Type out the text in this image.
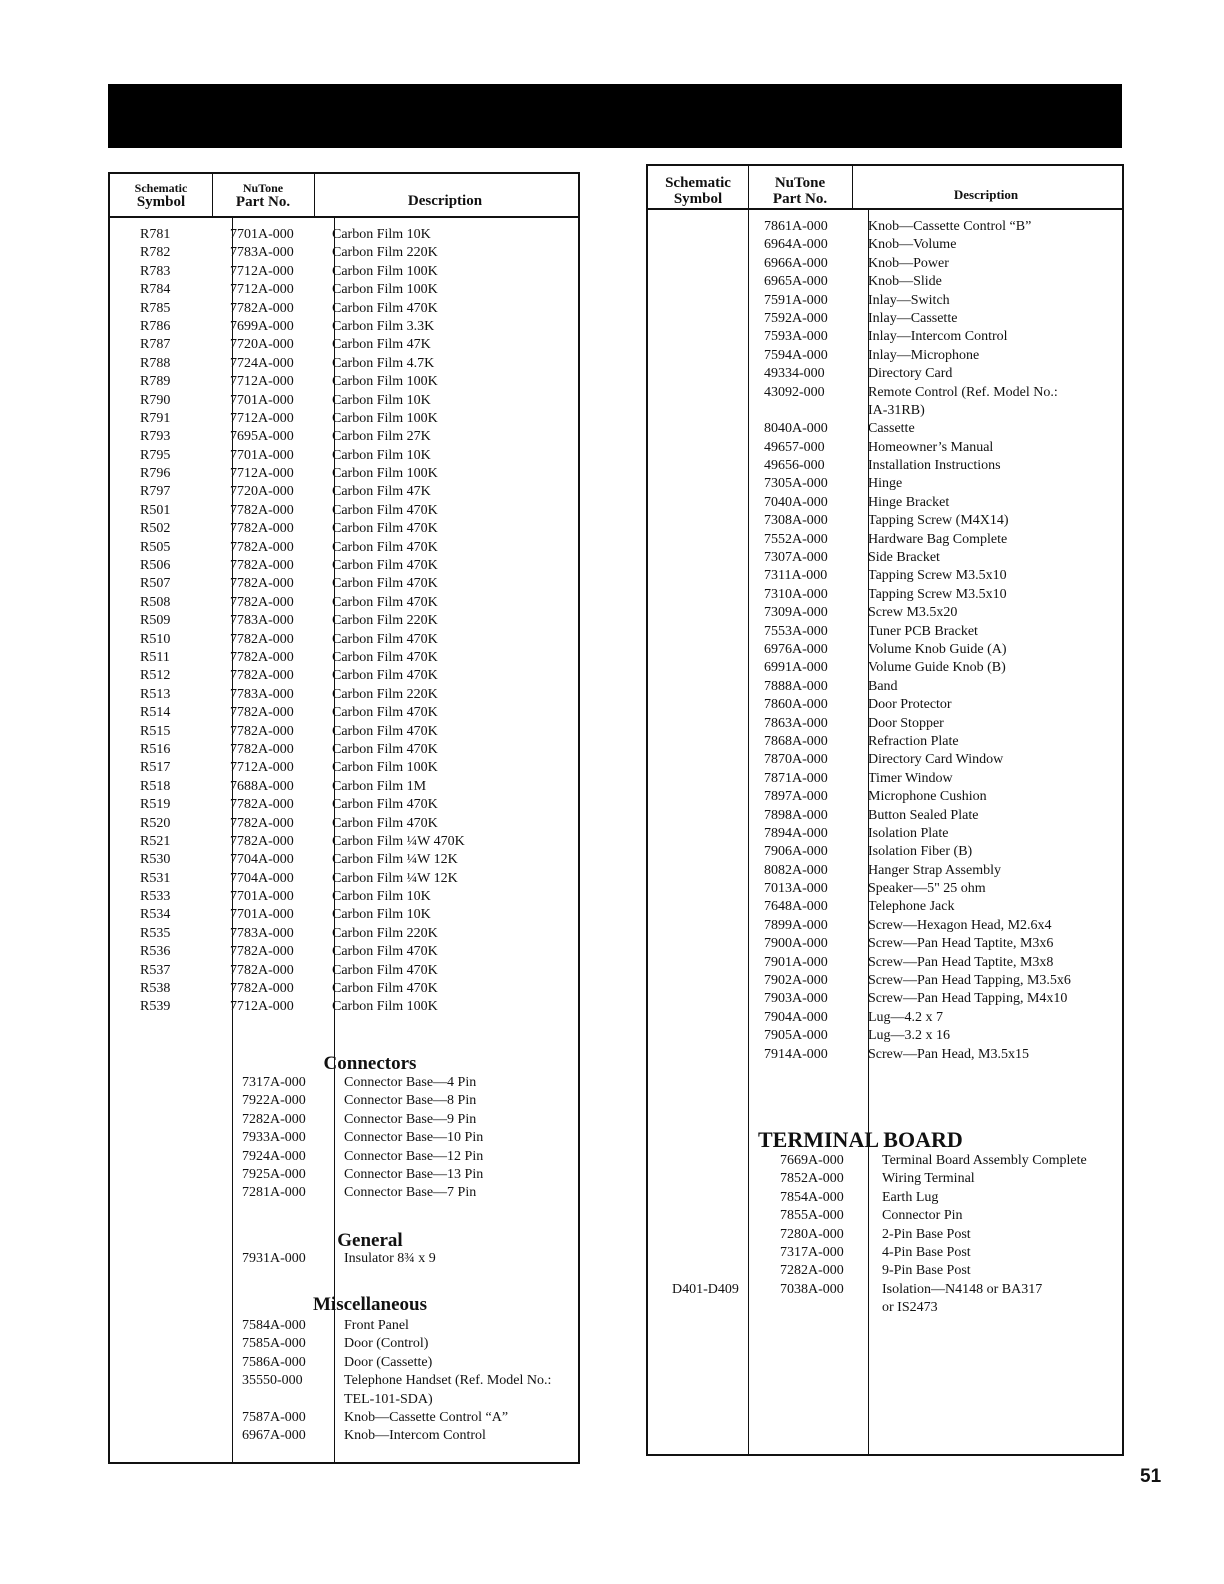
Schematic
Symbol
NuTone
Part No.	Description
R781	7701A-000	Carbon Film 10K
R782	7783A-000	Carbon Film 220K
R783	7712A-000	Carbon Film 100K
R784	7712A-000	Carbon Film 100K
R785	7782A-000	Carbon Film 470K
R786	7699A-000	Carbon Film 3.3K
R787	7720A-000	Carbon Film 47K
R788	7724A-000	Carbon Film 4.7K
R789	7712A-000	Carbon Film 100K
R790	7701A-000	Carbon Film 10K
R791	7712A-000	Carbon Film 100K
R793	7695A-000	Carbon Film 27K
R795	7701A-000	Carbon Film 10K
R796	7712A-000	Carbon Film 100K
R797	7720A-000	Carbon Film 47K
R501	7782A-000	Carbon Film 470K
R502	7782A-000	Carbon Film 470K
R505	7782A-000	Carbon Film 470K
R506	7782A-000	Carbon Film 470K
R507	7782A-000	Carbon Film 470K
R508	7782A-000	Carbon Film 470K
R509	7783A-000	Carbon Film 220K
R510	7782A-000	Carbon Film 470K
R511	7782A-000	Carbon Film 470K
R512	7782A-000	Carbon Film 470K
R513	7783A-000	Carbon Film 220K
R514	7782A-000	Carbon Film 470K
R515	7782A-000	Carbon Film 470K
R516	7782A-000	Carbon Film 470K
R517	7712A-000	Carbon Film 100K
R518	7688A-000	Carbon Film 1M
R519	7782A-000	Carbon Film 470K
R520	7782A-000	Carbon Film 470K
R521	7782A-000	Carbon Film ¼W 470K
R530	7704A-000	Carbon Film ¼W 12K
R531	7704A-000	Carbon Film ¼W 12K
R533	7701A-000	Carbon Film 10K
R534	7701A-000	Carbon Film 10K
R535	7783A-000	Carbon Film 220K
R536	7782A-000	Carbon Film 470K
R537	7782A-000	Carbon Film 470K
R538	7782A-000	Carbon Film 470K
R539	7712A-000	Carbon Film 100K
Connectors
7317A-000	Connector Base—4 Pin
7922A-000	Connector Base—8 Pin
7282A-000	Connector Base—9 Pin
7933A-000	Connector Base—10 Pin
7924A-000	Connector Base—12 Pin
7925A-000	Connector Base—13 Pin
7281A-000	Connector Base—7 Pin
General
7931A-000	Insulator 8¾ x 9
Miscellaneous
7584A-000	Front Panel
7585A-000	Door (Control)
7586A-000	Door (Cassette)
35550-000	Telephone Handset (Ref. Model No.:
TEL-101-SDA)
7587A-000	Knob—Cassette Control “A”
6967A-000	Knob—Intercom Control
Schematic
Symbol
NuTone
Part No.	Description
7861A-000	Knob—Cassette Control “B”
6964A-000	Knob—Volume
6966A-000	Knob—Power
6965A-000	Knob—Slide
7591A-000	Inlay—Switch
7592A-000	Inlay—Cassette
7593A-000	Inlay—Intercom Control
7594A-000	Inlay—Microphone
49334-000	Directory Card
43092-000	Remote Control (Ref. Model No.:
IA-31RB)
8040A-000	Cassette
49657-000	Homeowner’s Manual
49656-000	Installation Instructions
7305A-000	Hinge
7040A-000	Hinge Bracket
7308A-000	Tapping Screw (M4X14)
7552A-000	Hardware Bag Complete
7307A-000	Side Bracket
7311A-000	Tapping Screw M3.5x10
7310A-000	Tapping Screw M3.5x10
7309A-000	Screw M3.5x20
7553A-000	Tuner PCB Bracket
6976A-000	Volume Knob Guide (A)
6991A-000	Volume Guide Knob (B)
7888A-000	Band
7860A-000	Door Protector
7863A-000	Door Stopper
7868A-000	Refraction Plate
7870A-000	Directory Card Window
7871A-000	Timer Window
7897A-000	Microphone Cushion
7898A-000	Button Sealed Plate
7894A-000	Isolation Plate
7906A-000	Isolation Fiber (B)
8082A-000	Hanger Strap Assembly
7013A-000	Speaker—5" 25 ohm
7648A-000	Telephone Jack
7899A-000	Screw—Hexagon Head, M2.6x4
7900A-000	Screw—Pan Head Taptite, M3x6
7901A-000	Screw—Pan Head Taptite, M3x8
7902A-000	Screw—Pan Head Tapping, M3.5x6
7903A-000	Screw—Pan Head Tapping, M4x10
7904A-000	Lug—4.2 x 7
7905A-000	Lug—3.2 x 16
7914A-000	Screw—Pan Head, M3.5x15
TERMINAL BOARD
7669A-000	Terminal Board Assembly Complete
7852A-000	Wiring Terminal
7854A-000	Earth Lug
7855A-000	Connector Pin
7280A-000	2-Pin Base Post
7317A-000	4-Pin Base Post
7282A-000	9-Pin Base Post
D401-D409	7038A-000	Isolation—N4148 or BA317
or IS2473
51
